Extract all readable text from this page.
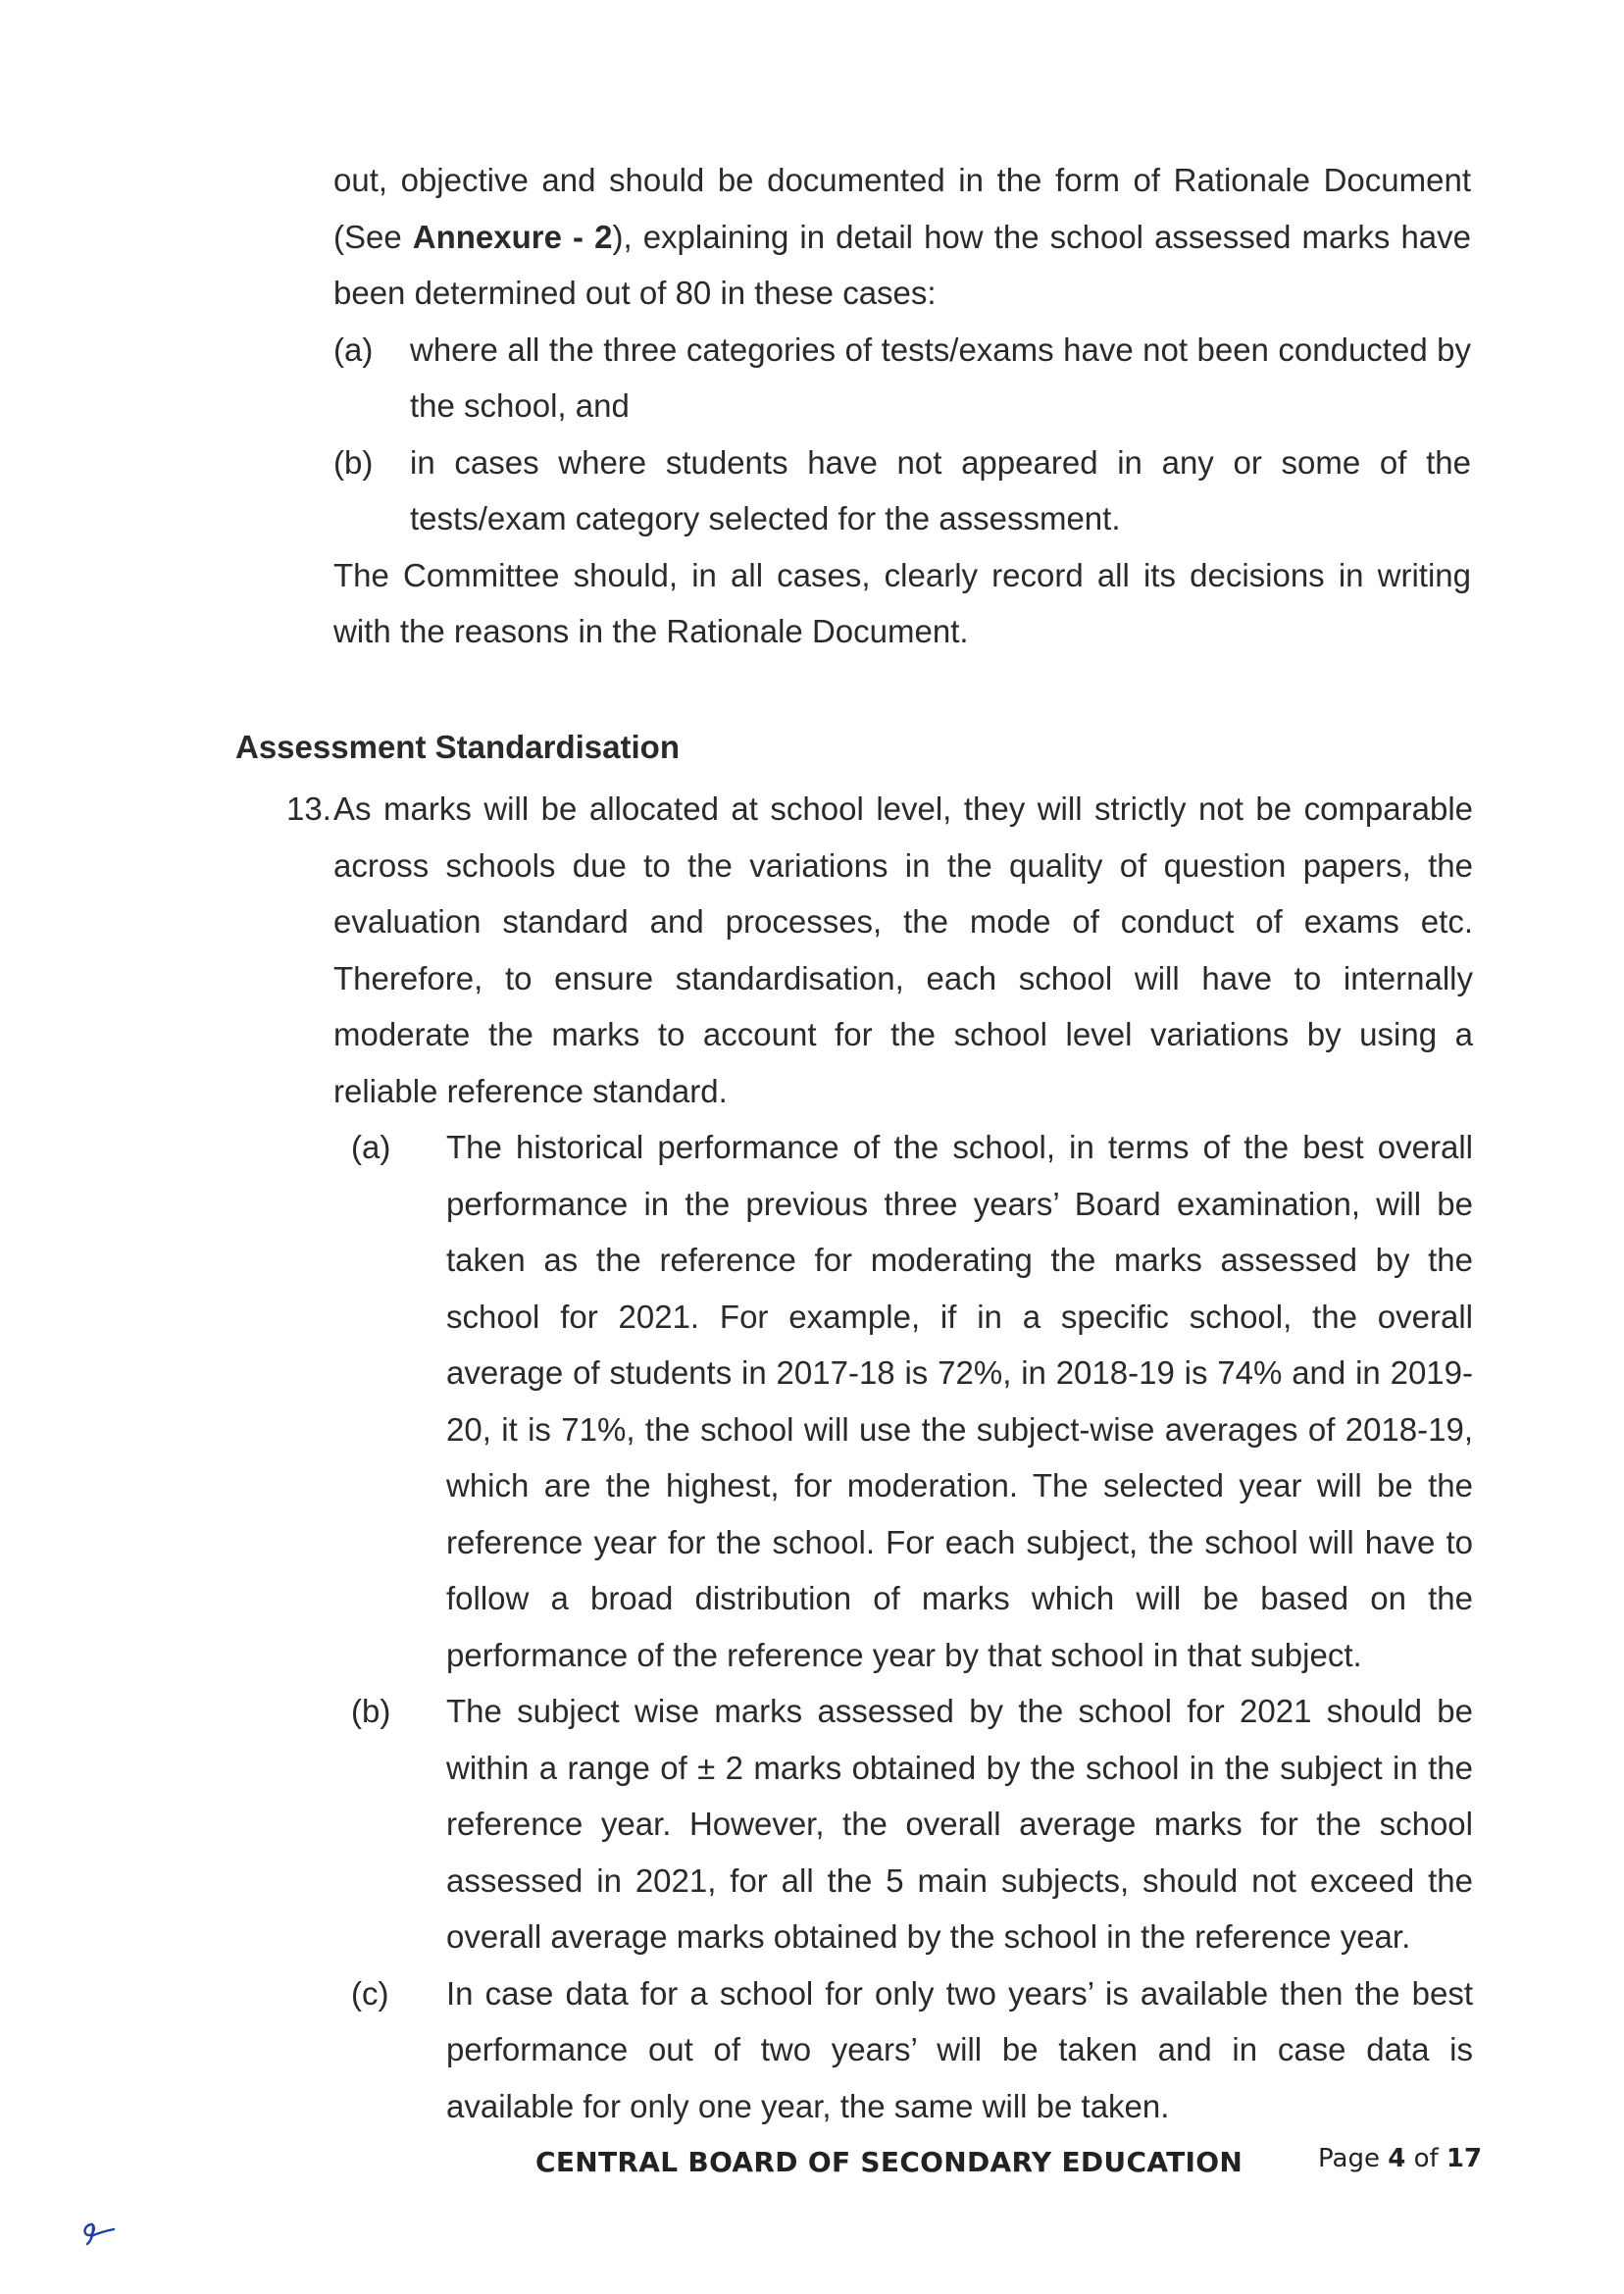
out, objective and should be documented in the form of Rationale Document (See Annexure - 2), explaining in detail how the school assessed marks have been determined out of 80 in these cases:

(a)	where all the three categories of tests/exams have not been conducted by the school, and
(b)	in cases where students have not appeared in any or some of the tests/exam category selected for the assessment.

The Committee should, in all cases, clearly record all its decisions in writing with the reasons in the Rationale Document.

Assessment Standardisation
13. As marks will be allocated at school level, they will strictly not be comparable across schools due to the variations in the quality of question papers, the evaluation standard and processes, the mode of conduct of exams etc. Therefore, to ensure standardisation, each school will have to internally moderate the marks to account for the school level variations by using a reliable reference standard.
(a)	The historical performance of the school, in terms of the best overall performance in the previous three years’ Board examination, will be taken as the reference for moderating the marks assessed by the school for 2021. For example, if in a specific school, the overall average of students in 2017-18 is 72%, in 2018-19 is 74% and in 2019-20, it is 71%, the school will use the subject-wise averages of 2018-19, which are the highest, for moderation. The selected year will be the reference year for the school. For each subject, the school will have to follow a broad distribution of marks which will be based on the performance of the reference year by that school in that subject.
(b)	The subject wise marks assessed by the school for 2021 should be within a range of ± 2 marks obtained by the school in the subject in the reference year. However, the overall average marks for the school assessed in 2021, for all the 5 main subjects, should not exceed the overall average marks obtained by the school in the reference year.
(c)	In case data for a school for only two years’ is available then the best performance out of two years’ will be taken and in case data is available for only one year, the same will be taken.
CENTRAL BOARD OF SECONDARY EDUCATION	Page 4 of 17
